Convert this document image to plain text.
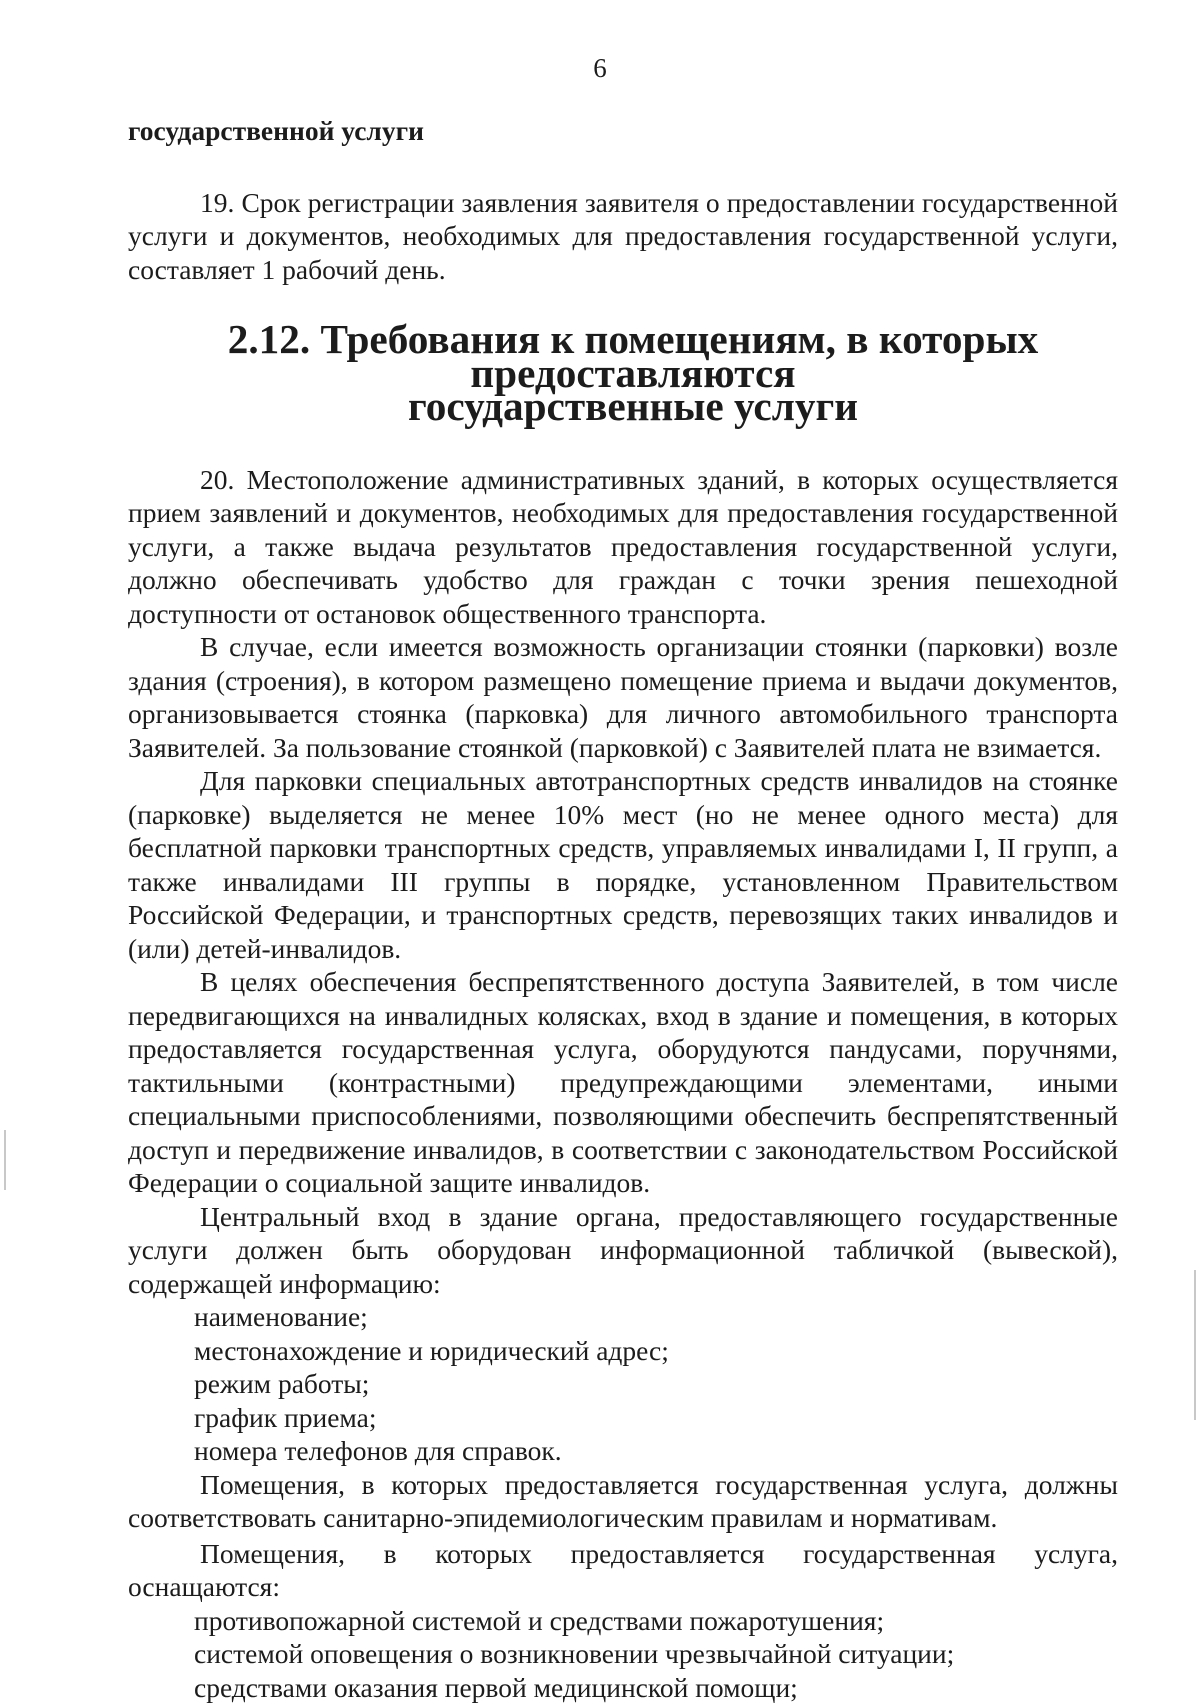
6

государственной услуги

19. Срок регистрации заявления заявителя о предоставлении государственной услуги и документов, необходимых для предоставления государственной услуги, составляет 1 рабочий день.

2.12. Требования к помещениям, в которых предоставляются
государственные услуги

20. Местоположение административных зданий, в которых осуществляется прием заявлений и документов, необходимых для предоставления государственной услуги, а также выдача результатов предоставления государственной услуги, должно обеспечивать удобство для граждан с точки зрения пешеходной доступности от остановок общественного транспорта.

В случае, если имеется возможность организации стоянки (парковки) возле здания (строения), в котором размещено помещение приема и выдачи документов, организовывается стоянка (парковка) для личного автомобильного транспорта Заявителей. За пользование стоянкой (парковкой) с Заявителей плата не взимается.

Для парковки специальных автотранспортных средств инвалидов на стоянке (парковке) выделяется не менее 10% мест (но не менее одного места) для бесплатной парковки транспортных средств, управляемых инвалидами I, II групп, а также инвалидами III группы в порядке, установленном Правительством Российской Федерации, и транспортных средств, перевозящих таких инвалидов и (или) детей-инвалидов.

В целях обеспечения беспрепятственного доступа Заявителей, в том числе передвигающихся на инвалидных колясках, вход в здание и помещения, в которых предоставляется государственная услуга, оборудуются пандусами, поручнями, тактильными (контрастными) предупреждающими элементами, иными специальными приспособлениями, позволяющими обеспечить беспрепятственный доступ и передвижение инвалидов, в соответствии с законодательством Российской Федерации о социальной защите инвалидов.

Центральный вход в здание органа, предоставляющего государственные услуги должен быть оборудован информационной табличкой (вывеской), содержащей информацию:

наименование;

местонахождение и юридический адрес;

режим работы;

график приема;

номера телефонов для справок.

Помещения, в которых предоставляется государственная услуга, должны соответствовать санитарно-эпидемиологическим правилам и нормативам.

Помещения, в которых предоставляется государственная услуга, оснащаются:

противопожарной системой и средствами пожаротушения;

системой оповещения о возникновении чрезвычайной ситуации;

средствами оказания первой медицинской помощи;
